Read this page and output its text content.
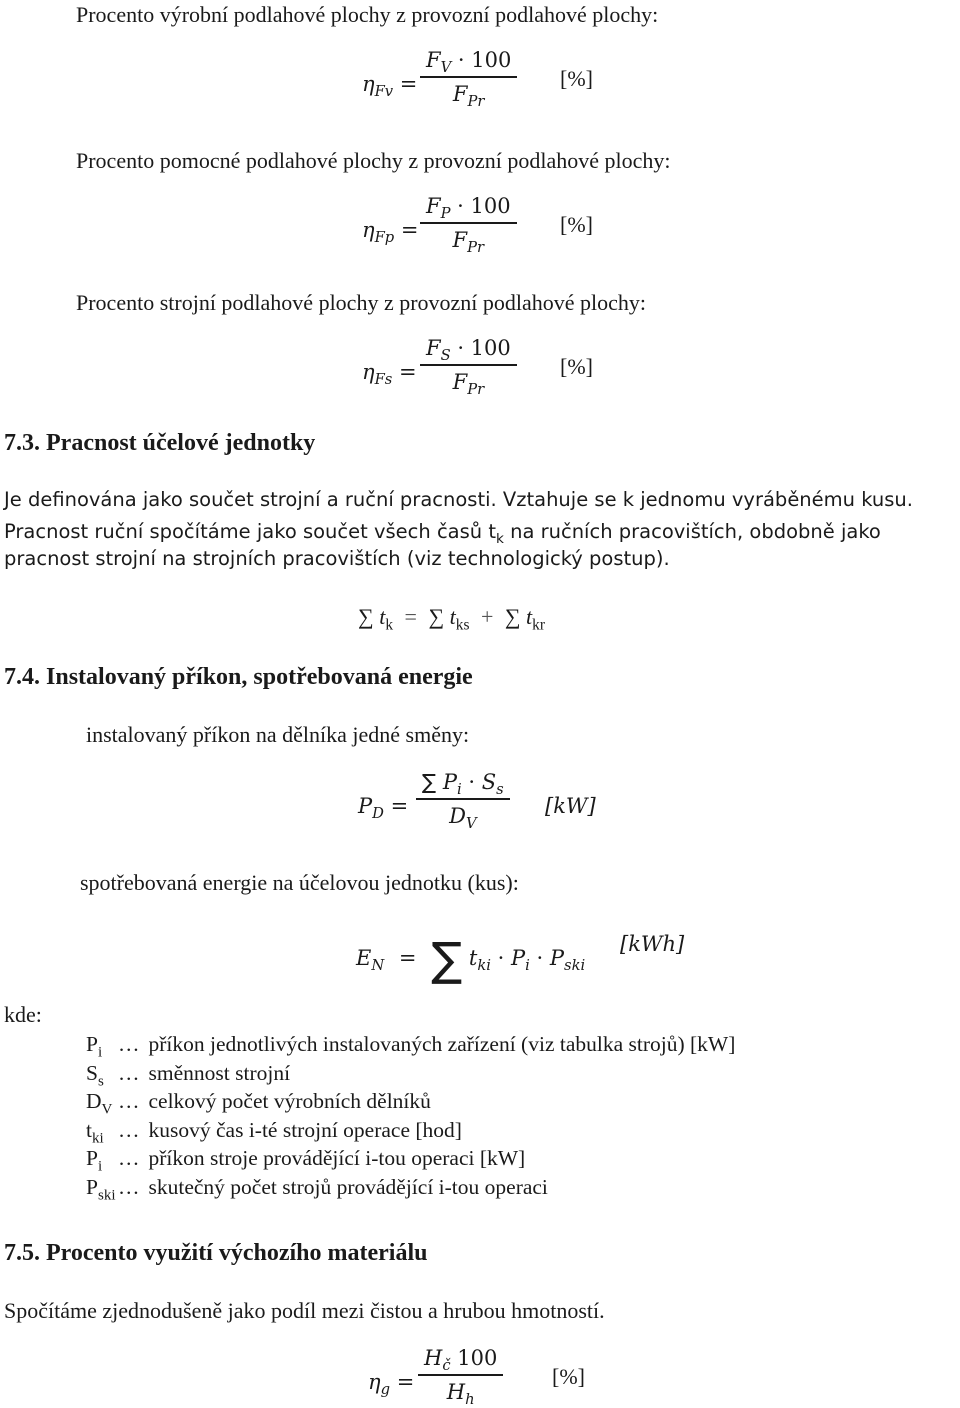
Procento výrobní podlahové plochy z provozní podlahové plochy:
$\eta_{Fv}$ =
$F_V \cdot 100$
$F_{Pr}$
[%]
Procento pomocné podlahové plochy z provozní podlahové plochy:
$\eta_{Fp}$ =
$F_P \cdot 100$
$F_{Pr}$
[%]
Procento strojní podlahové plochy z provozní podlahové plochy:
$\eta_{Fs}$ =
$F_S \cdot 100$
$F_{Pr}$
[%]
7.3. Pracnost účelové jednotky
Je definována jako součet strojní a ruční pracnosti. Vztahuje se k jednomu vyráběnému kusu.
Pracnost ruční spočítáme jako součet všech časů $t_k$ na ručních pracovištích, obdobně jako
pracnost strojní na strojních pracovištích (viz technologický postup).
∑ $t_k$ = ∑ $t_{ks}$ + ∑ $t_{kr}$
7.4. Instalovaný příkon, spotřebovaná energie
instalovaný příkon na dělníka jedné směny:
$P_D$ =
∑ $P_i \cdot S_s$
$D_V$
[kW]
spotřebovaná energie na účelovou jednotku (kus):
$E_N$ = ∑ $t_{ki} \cdot P_i \cdot P_{ski}$
[kWh]
kde:
$P_i$ … příkon jednotlivých instalovaných zařízení (viz tabulka strojů) [kW]
$S_s$ … směnnost strojní
$D_V$ … celkový počet výrobních dělníků
$t_{ki}$ … kusový čas i-té strojní operace [hod]
$P_i$ … příkon stroje provádějící i-tou operaci [kW]
$P_{ski}$ … skutečný počet strojů provádějící i-tou operaci
7.5. Procento využití výchozího materiálu
Spočítáme zjednodušeně jako podíl mezi čistou a hrubou hmotností.
$\eta_g$ =
$H_č$ 100
$H_h$
[%]
